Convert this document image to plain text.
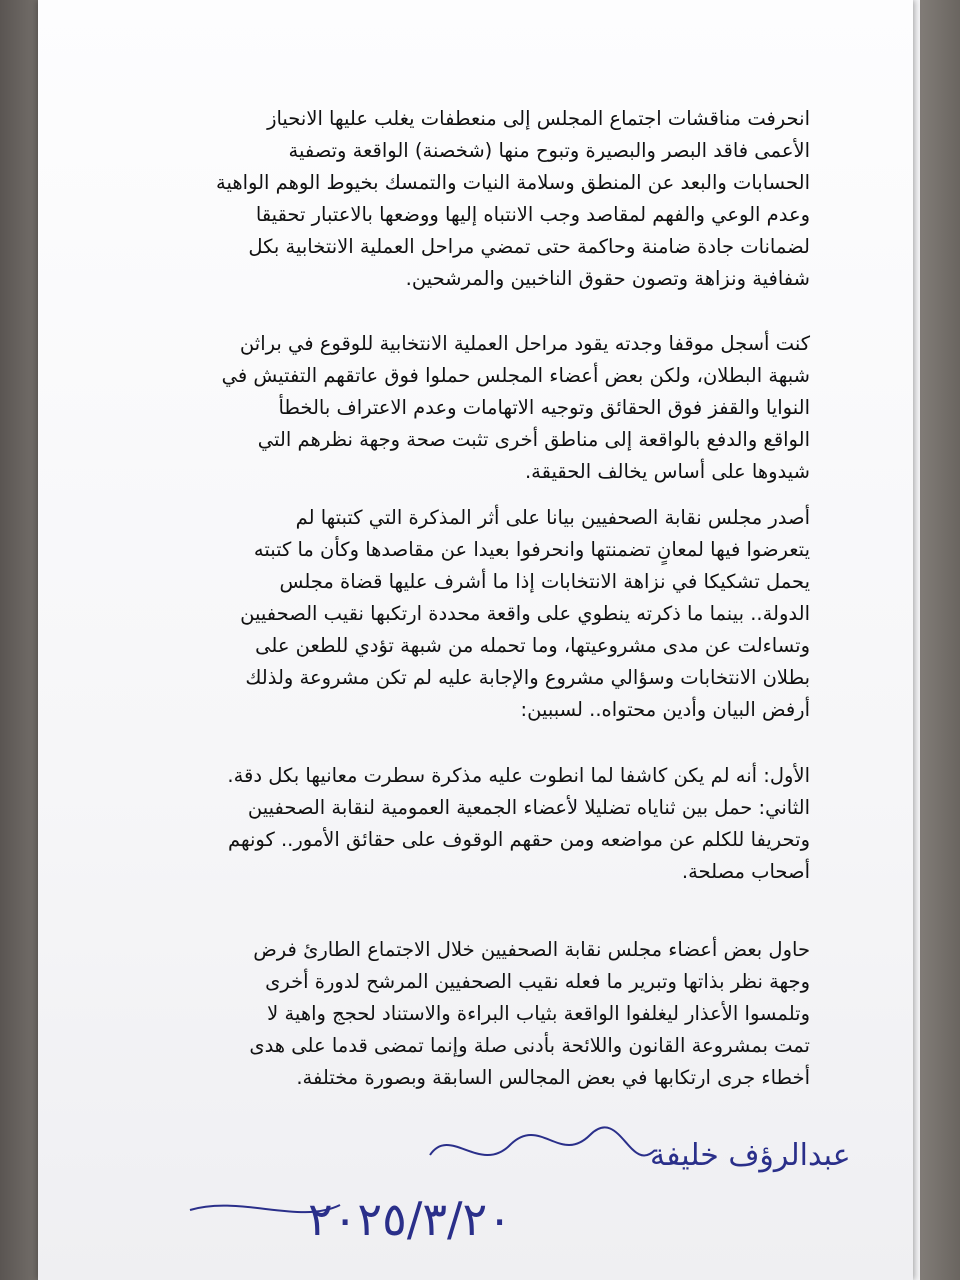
انحرفت مناقشات اجتماع المجلس إلى منعطفات يغلب عليها الانحياز
الأعمى فاقد البصر والبصيرة وتبوح منها (شخصنة) الواقعة وتصفية
الحسابات والبعد عن المنطق وسلامة النيات والتمسك بخيوط الوهم الواهية
وعدم الوعي والفهم لمقاصد وجب الانتباه إليها ووضعها بالاعتبار تحقيقا
لضمانات جادة ضامنة وحاكمة حتى تمضي مراحل العملية الانتخابية بكل
شفافية ونزاهة وتصون حقوق الناخبين والمرشحين.
كنت أسجل موقفا وجدته يقود مراحل العملية الانتخابية للوقوع في براثن
شبهة البطلان، ولكن بعض أعضاء المجلس حملوا فوق عاتقهم التفتيش في
النوايا والقفز فوق الحقائق وتوجيه الاتهامات وعدم الاعتراف بالخطأ
الواقع والدفع بالواقعة إلى مناطق أخرى تثبت صحة وجهة نظرهم التي
شيدوها على أساس يخالف الحقيقة.
أصدر مجلس نقابة الصحفيين بيانا على أثر المذكرة التي كتبتها لم
يتعرضوا فيها لمعانٍ تضمنتها وانحرفوا بعيدا عن مقاصدها وكأن ما كتبته
يحمل تشكيكا في نزاهة الانتخابات إذا ما أشرف عليها قضاة مجلس
الدولة.. بينما ما ذكرته ينطوي على واقعة محددة ارتكبها نقيب الصحفيين
وتساءلت عن مدى مشروعيتها، وما تحمله من شبهة تؤدي للطعن على
بطلان الانتخابات وسؤالي مشروع والإجابة عليه لم تكن مشروعة ولذلك
أرفض البيان وأدين محتواه.. لسببين:
الأول: أنه لم يكن كاشفا لما انطوت عليه مذكرة سطرت معانيها بكل دقة.
الثاني: حمل بين ثناياه تضليلا لأعضاء الجمعية العمومية لنقابة الصحفيين
وتحريفا للكلم عن مواضعه ومن حقهم الوقوف على حقائق الأمور.. كونهم
أصحاب مصلحة.
حاول بعض أعضاء مجلس نقابة الصحفيين خلال الاجتماع الطارئ فرض
وجهة نظر بذاتها وتبرير ما فعله نقيب الصحفيين المرشح لدورة أخرى
وتلمسوا الأعذار ليغلفوا الواقعة بثياب البراءة والاستناد لحجج واهية لا
تمت بمشروعة القانون واللائحة بأدنى صلة وإنما تمضى قدما على هدى
أخطاء جرى ارتكابها في بعض المجالس السابقة وبصورة مختلفة.
عبدالرؤف خليفة
٢٠٢٥/٣/٢٠
